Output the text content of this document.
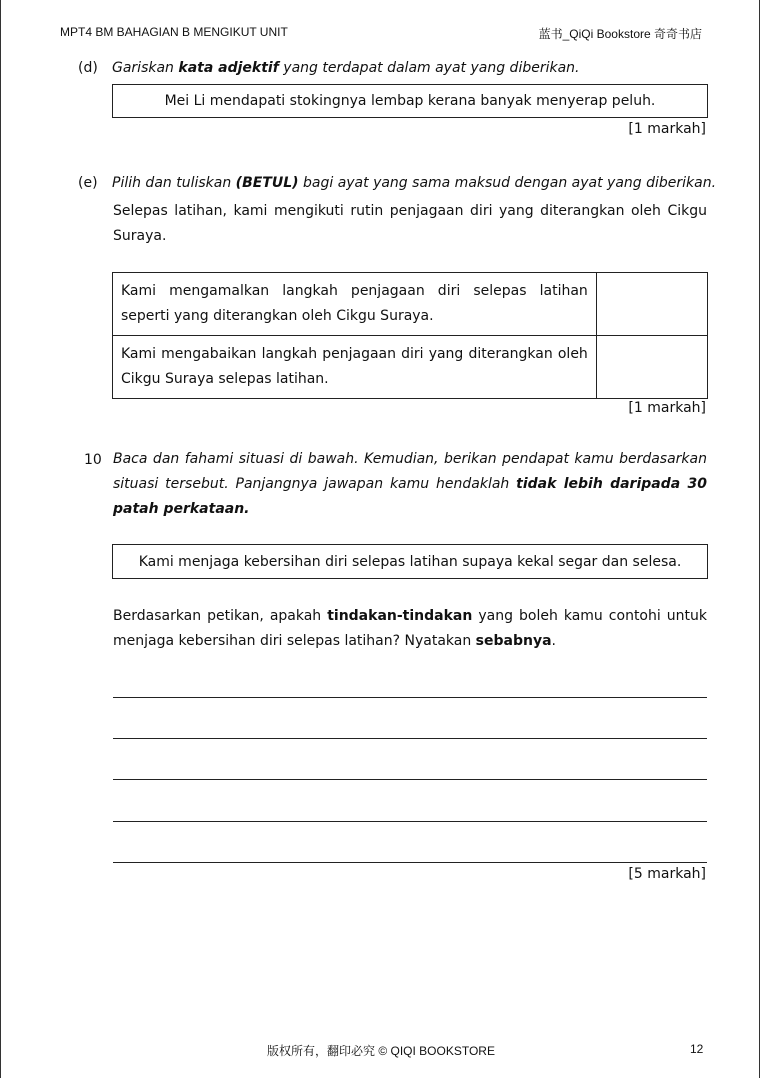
MPT4 BM BAHAGIAN B MENGIKUT UNIT	蓝书_QiQi Bookstore 奇奇书店
(d) Gariskan kata adjektif yang terdapat dalam ayat yang diberikan.
Mei Li mendapati stokingnya lembap kerana banyak menyerap peluh.
[1 markah]
(e) Pilih dan tuliskan (BETUL) bagi ayat yang sama maksud dengan ayat yang diberikan.
Selepas latihan, kami mengikuti rutin penjagaan diri yang diterangkan oleh Cikgu Suraya.
Kami mengamalkan langkah penjagaan diri selepas latihan seperti yang diterangkan oleh Cikgu Suraya.	
Kami mengabaikan langkah penjagaan diri yang diterangkan oleh Cikgu Suraya selepas latihan.	
[1 markah]
10 Baca dan fahami situasi di bawah. Kemudian, berikan pendapat kamu berdasarkan situasi tersebut. Panjangnya jawapan kamu hendaklah tidak lebih daripada 30 patah perkataan.
Kami menjaga kebersihan diri selepas latihan supaya kekal segar dan selesa.
Berdasarkan petikan, apakah tindakan-tindakan yang boleh kamu contohi untuk menjaga kebersihan diri selepas latihan? Nyatakan sebabnya.
[5 markah]
版权所有，翻印必究 © QIQI BOOKSTORE	12
